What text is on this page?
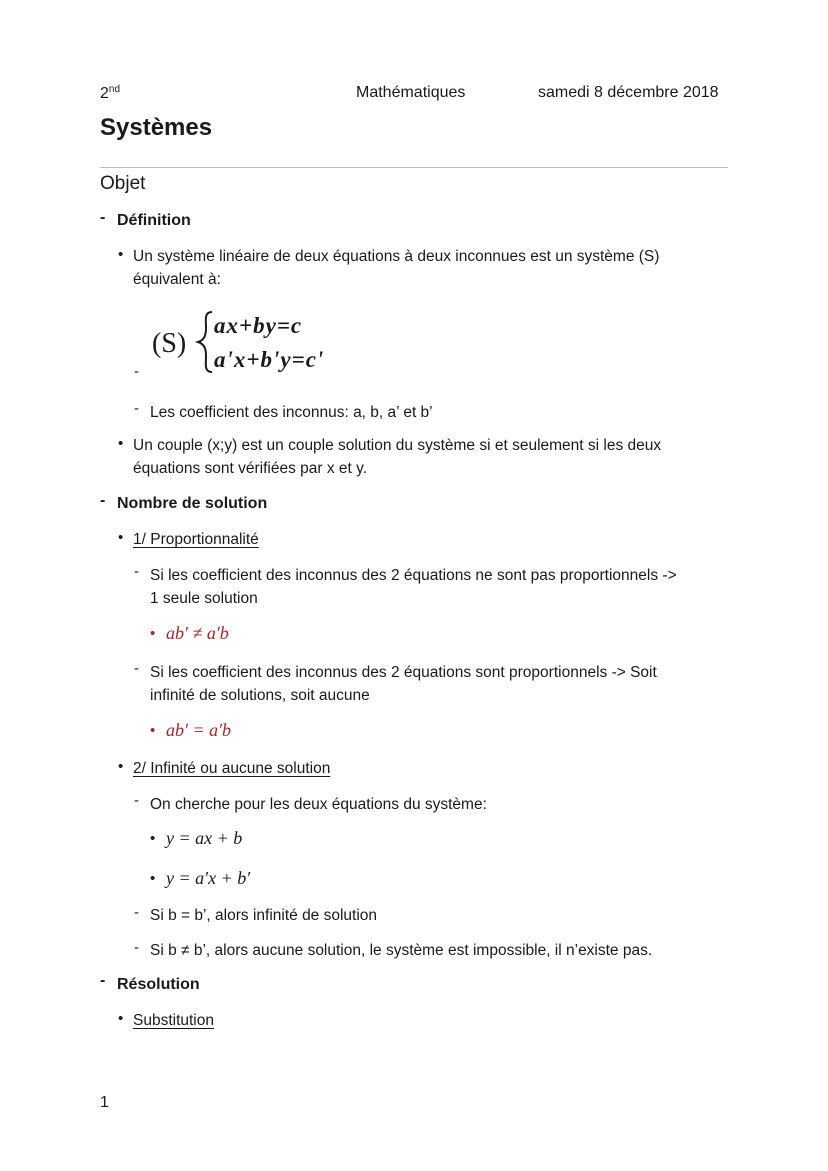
2nd	Mathématiques	samedi 8 décembre 2018
Systèmes
Objet
- Définition
• Un système linéaire de deux équations à deux inconnues est un système (S)
équivalent à:
(S)
ax+by=c
a'x+b'y=c'
-
- Les coefficient des inconnus: a, b, a’ et b’
• Un couple (x;y) est un couple solution du système si et seulement si les deux
équations sont vérifiées par x et y.
- Nombre de solution
• 1/ Proportionnalité
- Si les coefficient des inconnus des 2 équations ne sont pas proportionnels ->
1 seule solution
• ab′ ≠ a′b
- Si les coefficient des inconnus des 2 équations sont proportionnels -> Soit
infinité de solutions, soit aucune
• ab′ = a′b
• 2/ Infinité ou aucune solution
- On cherche pour les deux équations du système:
• y = ax + b
• y = a′x + b′
- Si b = b’, alors infinité de solution
- Si b ≠ b’, alors aucune solution, le système est impossible, il n’existe pas.
- Résolution
• Substitution
1
